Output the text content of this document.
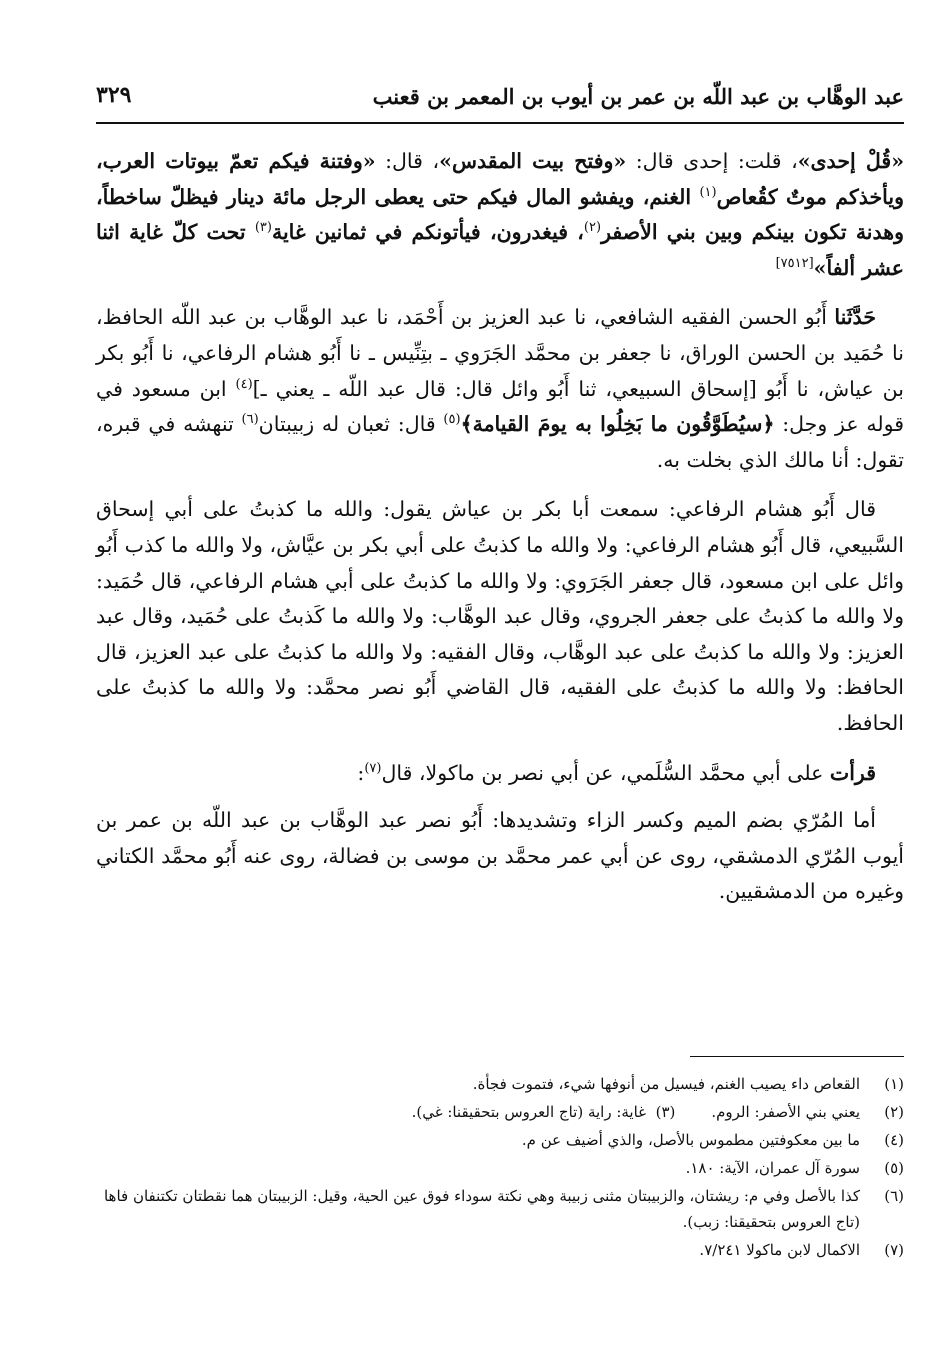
عبد الوهَّاب بن عبد اللّه بن عمر بن أيوب بن المعمر بن قعنب
٣٢٩

«قُلْ إحدى»، قلت: إحدى قال: «وفتح بيت المقدس»، قال: «وفتنة فيكم تعمّ بيوتات العرب، ويأخذكم موتٌ كقُعاص$^{(١)}$ الغنم، ويفشو المال فيكم حتى يعطى الرجل مائة دينار فيظلّ ساخطاً، وهدنة تكون بينكم وبين بني الأصفر$^{(٢)}$، فيغدرون، فيأتونكم في ثمانين غاية$^{(٣)}$ تحت كلّ غاية اثنا عشر ألفاً»[٧٥١٢]

حَدَّثَنا أَبُو الحسن الفقيه الشافعي، نا عبد العزيز بن أَحْمَد، نا عبد الوهَّاب بن عبد اللّه الحافظ، نا حُمَيد بن الحسن الوراق، نا جعفر بن محمَّد الجَرَوي ـ بتِنِّيس ـ نا أَبُو هشام الرفاعي، نا أَبُو بكر بن عياش، نا أَبُو [إسحاق السبيعي، ثنا أَبُو وائل قال: قال عبد اللّه ـ يعني ـ]$^{(٤)}$ ابن مسعود في قوله عز وجل: ﴿سيُطَوَّقُون ما بَخِلُوا به يومَ القيامة﴾$^{(٥)}$ قال: ثعبان له زبيبتان$^{(٦)}$ تنهشه في قبره، تقول: أنا مالك الذي بخلت به.

قال أَبُو هشام الرفاعي: سمعت أبا بكر بن عياش يقول: والله ما كذبتُ على أبي إسحاق السَّبيعي، قال أَبُو هشام الرفاعي: ولا والله ما كذبتُ على أبي بكر بن عيَّاش، ولا والله ما كذب أَبُو وائل على ابن مسعود، قال جعفر الجَرَوي: ولا والله ما كذبتُ على أبي هشام الرفاعي، قال حُمَيد: ولا والله ما كذبتُ على جعفر الجروي، وقال عبد الوهَّاب: ولا والله ما كَذبتُ على حُمَيد، وقال عبد العزيز: ولا والله ما كذبتُ على عبد الوهَّاب، وقال الفقيه: ولا والله ما كذبتُ على عبد العزيز، قال الحافظ: ولا والله ما كذبتُ على الفقيه، قال القاضي أَبُو نصر محمَّد: ولا والله ما كذبتُ على الحافظ.

قرأت على أبي محمَّد السُّلَمي، عن أبي نصر بن ماكولا، قال$^{(٧)}$:

أما المُرّي بضم الميم وكسر الزاء وتشديدها: أَبُو نصر عبد الوهَّاب بن عبد اللّه بن عمر بن أيوب المُرّي الدمشقي، روى عن أبي عمر محمَّد بن موسى بن فضالة، روى عنه أَبُو محمَّد الكتاني وغيره من الدمشقيين.

(١)
القعاص داء يصيب الغنم، فيسيل من أنوفها شيء، فتموت فجأة.
(٢)
يعني بني الأصفر: الروم.(٣)  غاية: راية (تاج العروس بتحقيقنا: غي).
(٤)
ما بين معكوفتين مطموس بالأصل، والذي أضيف عن م.
(٥)
سورة آل عمران، الآية: ١٨٠.
(٦)
كذا بالأصل وفي م: ريشتان، والزبيبتان مثنى زبيبة وهي نكتة سوداء فوق عين الحية، وقيل: الزبيبتان هما نقطتان تكتنفان فاها (تاج العروس بتحقيقنا: زبب).
(٧)
الاكمال لابن ماكولا ٧/٢٤١.
